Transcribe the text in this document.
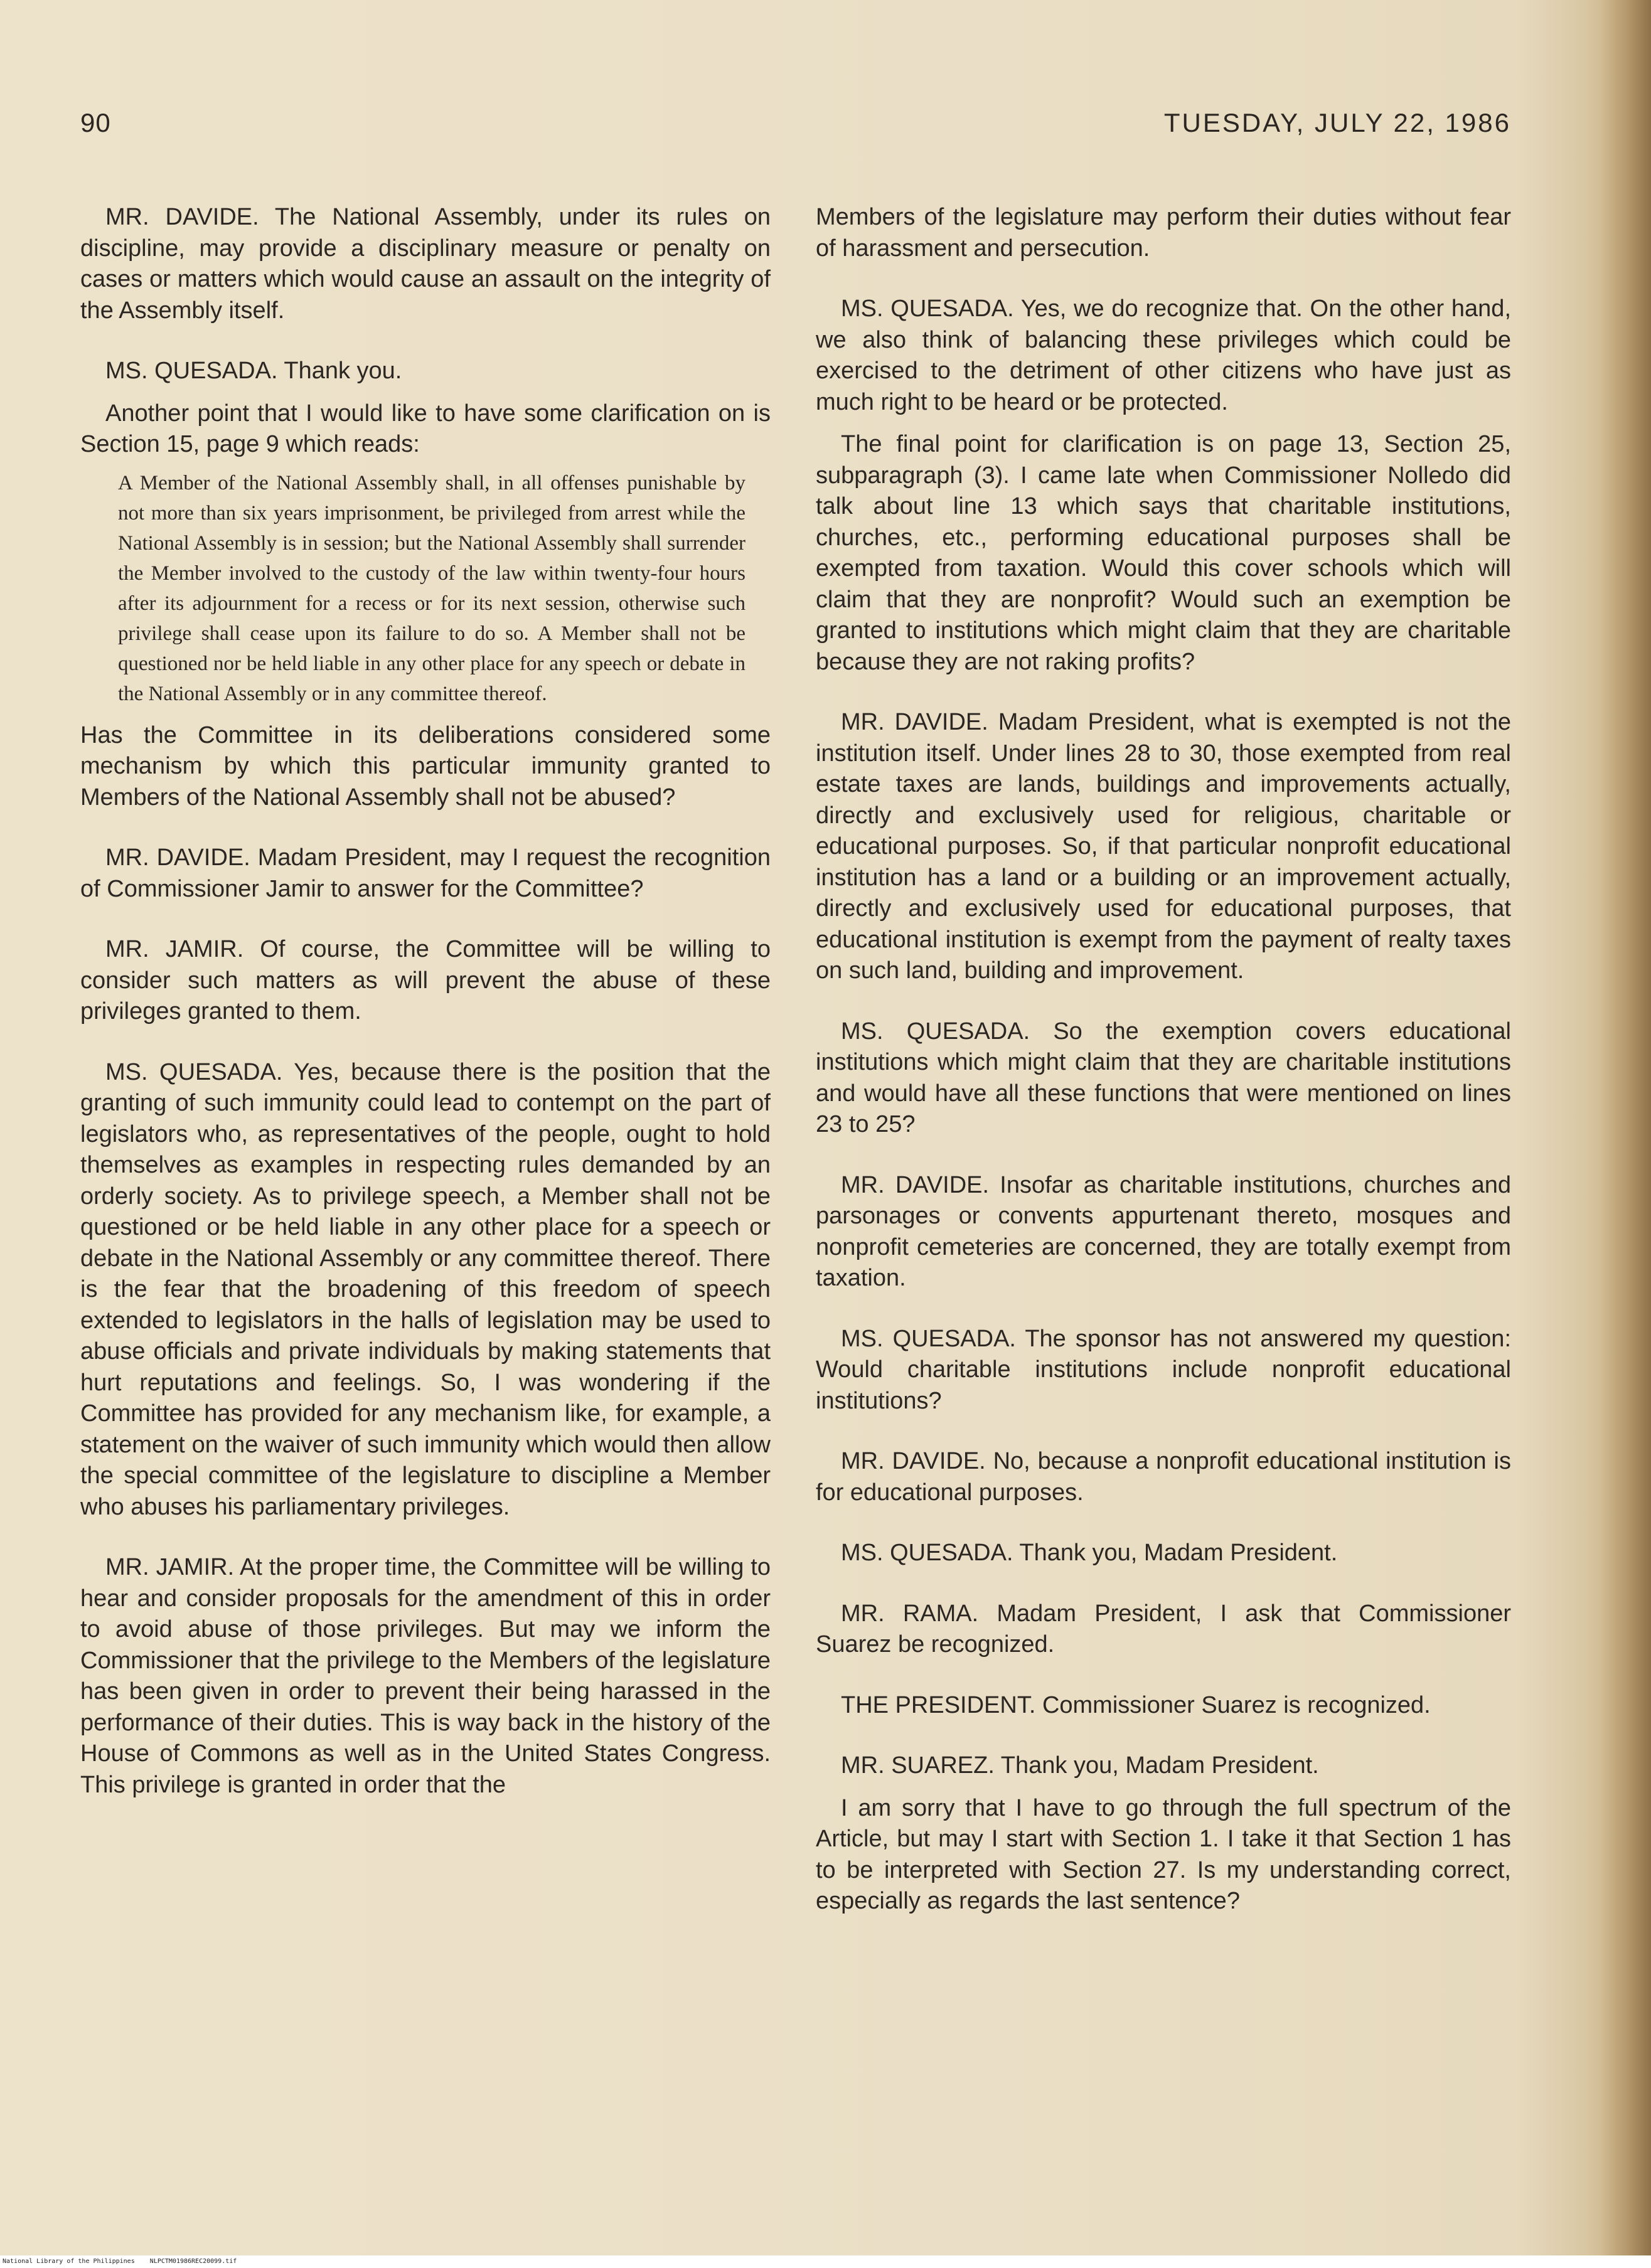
90	TUESDAY, JULY 22, 1986

MR. DAVIDE. The National Assembly, under its rules on discipline, may provide a disciplinary measure or penalty on cases or matters which would cause an assault on the integrity of the Assembly itself.

MS. QUESADA. Thank you.

Another point that I would like to have some clarification on is Section 15, page 9 which reads:

A Member of the National Assembly shall, in all offenses punishable by not more than six years imprisonment, be privileged from arrest while the National Assembly is in session; but the National Assembly shall surrender the Member involved to the custody of the law within twenty-four hours after its adjournment for a recess or for its next session, otherwise such privilege shall cease upon its failure to do so. A Member shall not be questioned nor be held liable in any other place for any speech or debate in the National Assembly or in any committee thereof.

Has the Committee in its deliberations considered some mechanism by which this particular immunity granted to Members of the National Assembly shall not be abused?

MR. DAVIDE. Madam President, may I request the recognition of Commissioner Jamir to answer for the Committee?

MR. JAMIR. Of course, the Committee will be willing to consider such matters as will prevent the abuse of these privileges granted to them.

MS. QUESADA. Yes, because there is the position that the granting of such immunity could lead to contempt on the part of legislators who, as representatives of the people, ought to hold themselves as examples in respecting rules demanded by an orderly society. As to privilege speech, a Member shall not be questioned or be held liable in any other place for a speech or debate in the National Assembly or any committee thereof. There is the fear that the broadening of this freedom of speech extended to legislators in the halls of legislation may be used to abuse officials and private individuals by making statements that hurt reputations and feelings. So, I was wondering if the Committee has provided for any mechanism like, for example, a statement on the waiver of such immunity which would then allow the special committee of the legislature to discipline a Member who abuses his parliamentary privileges.

MR. JAMIR. At the proper time, the Committee will be willing to hear and consider proposals for the amendment of this in order to avoid abuse of those privileges. But may we inform the Commissioner that the privilege to the Members of the legislature has been given in order to prevent their being harassed in the performance of their duties. This is way back in the history of the House of Commons as well as in the United States Congress. This privilege is granted in order that the

Members of the legislature may perform their duties without fear of harassment and persecution.

MS. QUESADA. Yes, we do recognize that. On the other hand, we also think of balancing these privileges which could be exercised to the detriment of other citizens who have just as much right to be heard or be protected.

The final point for clarification is on page 13, Section 25, subparagraph (3). I came late when Commissioner Nolledo did talk about line 13 which says that charitable institutions, churches, etc., performing educational purposes shall be exempted from taxation. Would this cover schools which will claim that they are nonprofit? Would such an exemption be granted to institutions which might claim that they are charitable because they are not raking profits?

MR. DAVIDE. Madam President, what is exempted is not the institution itself. Under lines 28 to 30, those exempted from real estate taxes are lands, buildings and improvements actually, directly and exclusively used for religious, charitable or educational purposes. So, if that particular nonprofit educational institution has a land or a building or an improvement actually, directly and exclusively used for educational purposes, that educational institution is exempt from the payment of realty taxes on such land, building and improvement.

MS. QUESADA. So the exemption covers educational institutions which might claim that they are charitable institutions and would have all these functions that were mentioned on lines 23 to 25?

MR. DAVIDE. Insofar as charitable institutions, churches and parsonages or convents appurtenant thereto, mosques and nonprofit cemeteries are concerned, they are totally exempt from taxation.

MS. QUESADA. The sponsor has not answered my question: Would charitable institutions include nonprofit educational institutions?

MR. DAVIDE. No, because a nonprofit educational institution is for educational purposes.

MS. QUESADA. Thank you, Madam President.

MR. RAMA. Madam President, I ask that Commissioner Suarez be recognized.

THE PRESIDENT. Commissioner Suarez is recognized.

MR. SUAREZ. Thank you, Madam President.

I am sorry that I have to go through the full spectrum of the Article, but may I start with Section 1. I take it that Section 1 has to be interpreted with Section 27. Is my understanding correct, especially as regards the last sentence?

National Library of the Philippines    NLPCTM01986REC20099.tif
